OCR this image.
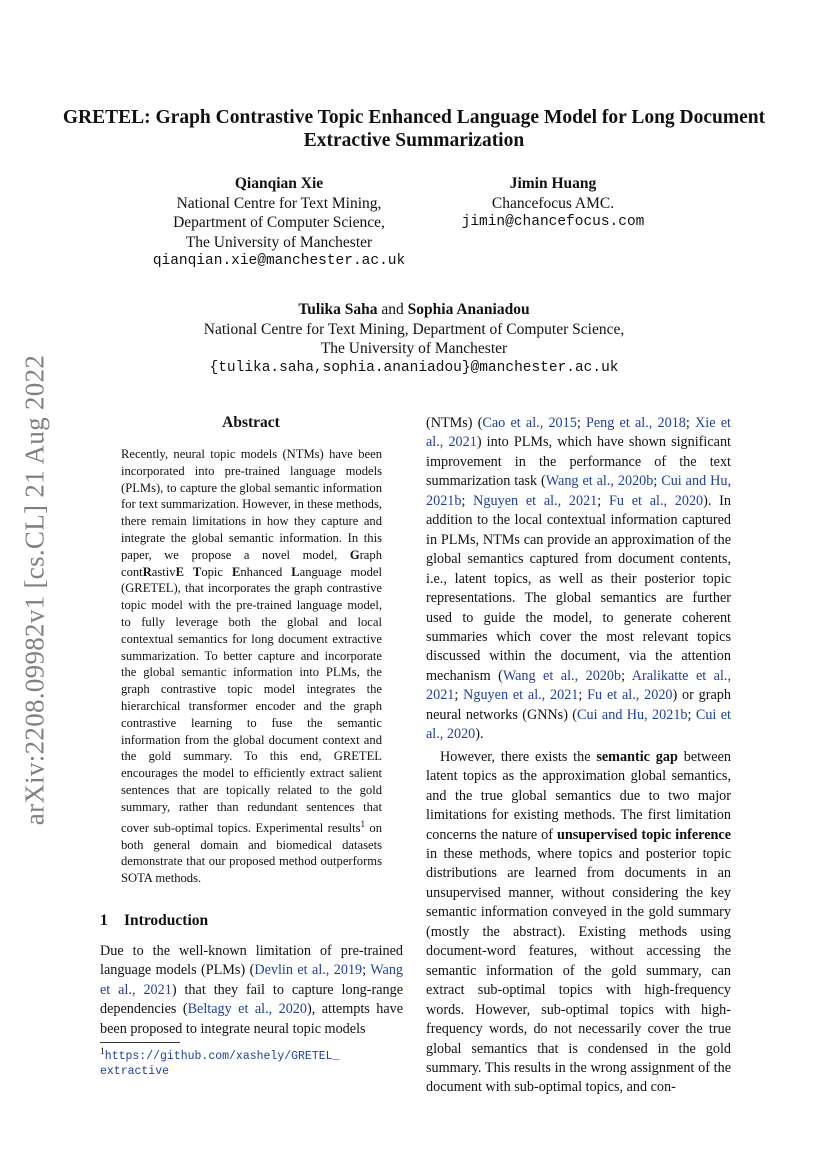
GRETEL: Graph Contrastive Topic Enhanced Language Model for Long Document Extractive Summarization
Qianqian Xie
National Centre for Text Mining,
Department of Computer Science,
The University of Manchester
qianqian.xie@manchester.ac.uk
Jimin Huang
Chancefocus AMC.
jimin@chancefocus.com
Tulika Saha and Sophia Ananiadou
National Centre for Text Mining, Department of Computer Science,
The University of Manchester
{tulika.saha,sophia.ananiadou}@manchester.ac.uk
arXiv:2208.09982v1 [cs.CL] 21 Aug 2022	Abstract
Recently, neural topic models (NTMs) have been incorporated into pre-trained language models (PLMs), to capture the global semantic information for text summarization. However, in these methods, there remain limitations in how they capture and integrate the global semantic information. In this paper, we propose a novel model, Graph contRastivE Topic Enhanced Language model (GRETEL), that incorporates the graph contrastive topic model with the pre-trained language model, to fully leverage both the global and local contextual semantics for long document extractive summarization. To better capture and incorporate the global semantic information into PLMs, the graph contrastive topic model integrates the hierarchical transformer encoder and the graph contrastive learning to fuse the semantic information from the global document context and the gold summary. To this end, GRETEL encourages the model to efficiently extract salient sentences that are topically related to the gold summary, rather than redundant sentences that cover sub-optimal topics. Experimental results$^1$ on both general domain and biomedical datasets demonstrate that our proposed method outperforms SOTA methods.
1 Introduction
Due to the well-known limitation of pre-trained language models (PLMs) (Devlin et al., 2019; Wang et al., 2021) that they fail to capture long-range dependencies (Beltagy et al., 2020), attempts have been proposed to integrate neural topic models
$^1$https://github.com/xashely/GRETEL_ extractive

(NTMs) (Cao et al., 2015; Peng et al., 2018; Xie et al., 2021) into PLMs, which have shown significant improvement in the performance of the text summarization task (Wang et al., 2020b; Cui and Hu, 2021b; Nguyen et al., 2021; Fu et al., 2020). In addition to the local contextual information captured in PLMs, NTMs can provide an approximation of the global semantics captured from document contents, i.e., latent topics, as well as their posterior topic representations. The global semantics are further used to guide the model, to generate coherent summaries which cover the most relevant topics discussed within the document, via the attention mechanism (Wang et al., 2020b; Aralikatte et al., 2021; Nguyen et al., 2021; Fu et al., 2020) or graph neural networks (GNNs) (Cui and Hu, 2021b; Cui et al., 2020).

However, there exists the semantic gap between latent topics as the approximation global semantics, and the true global semantics due to two major limitations for existing methods. The first limitation concerns the nature of unsupervised topic inference in these methods, where topics and posterior topic distributions are learned from documents in an unsupervised manner, without considering the key semantic information conveyed in the gold summary (mostly the abstract). Existing methods using document-word features, without accessing the semantic information of the gold summary, can extract sub-optimal topics with high-frequency words. However, sub-optimal topics with high-frequency words, do not necessarily cover the true global semantics that is condensed in the gold summary. This results in the wrong assignment of the document with sub-optimal topics, and con-
